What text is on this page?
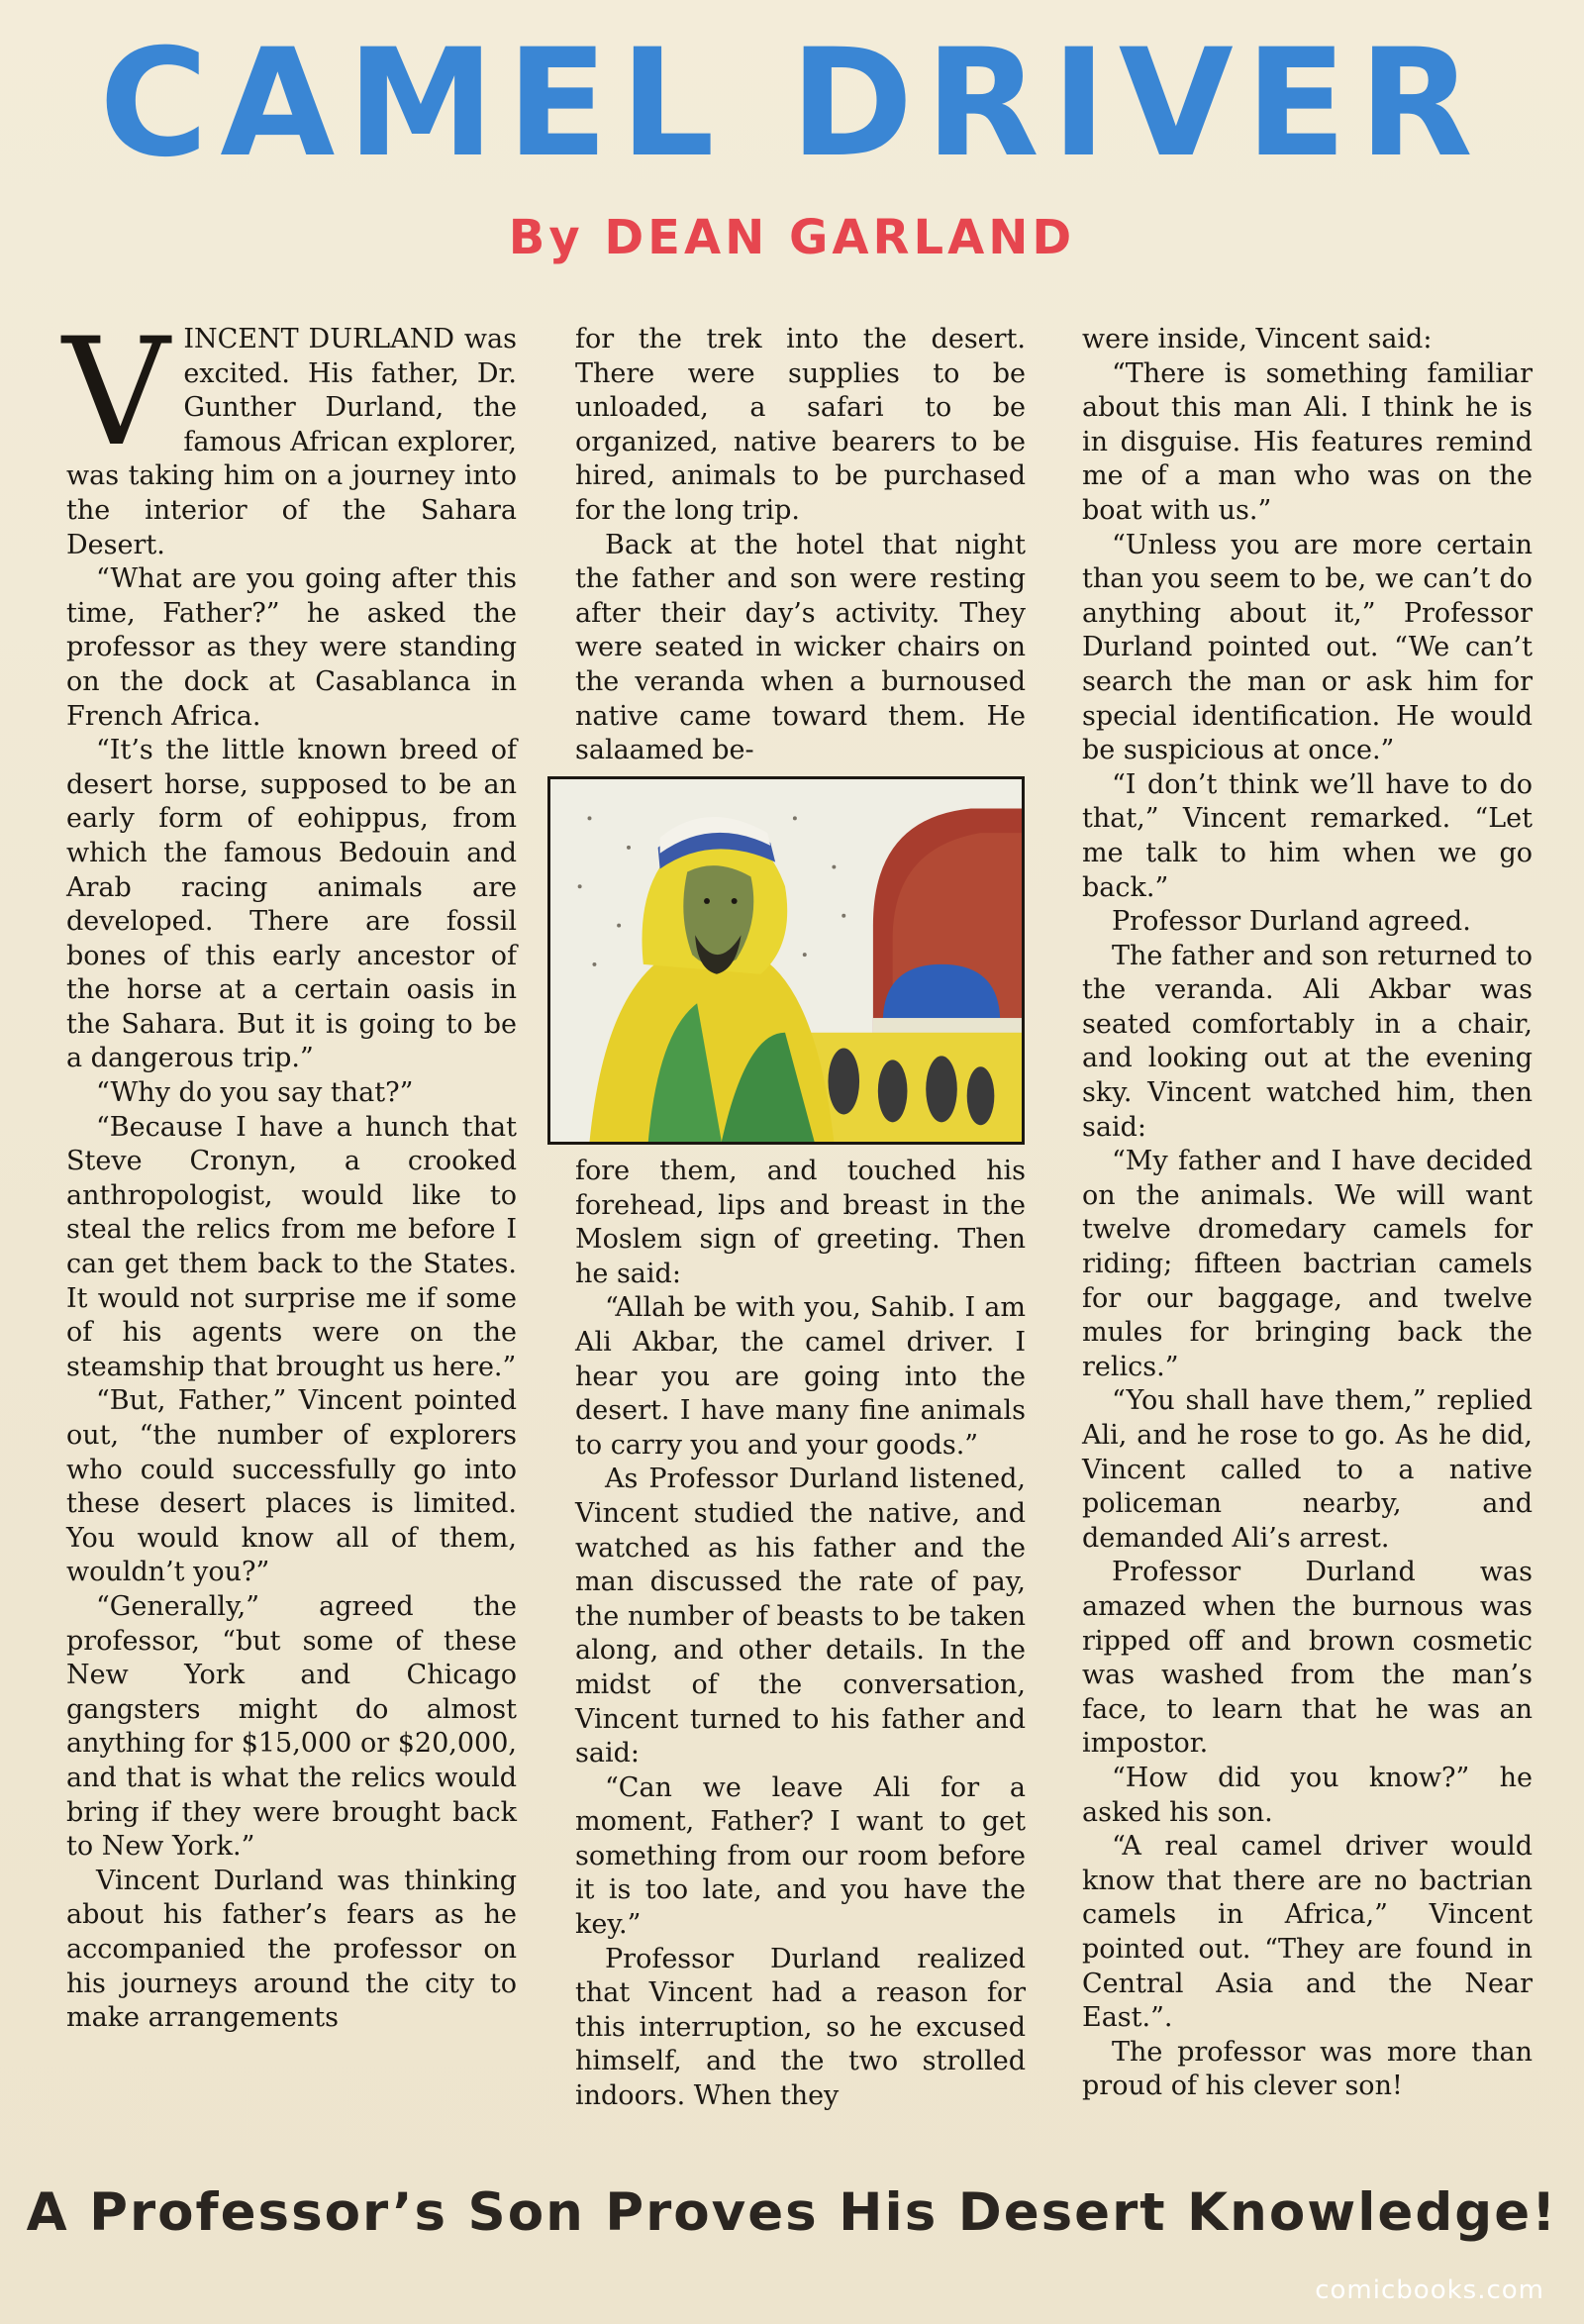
CAMEL DRIVER
By DEAN GARLAND

VINCENT DURLAND was excited. His father, Dr. Gunther Durland, the famous African explorer, was taking him on a journey into the interior of the Sahara Desert.

“What are you going after this time, Father?” he asked the professor as they were standing on the dock at Casablanca in French Africa.

“It’s the little known breed of desert horse, supposed to be an early form of eohippus, from which the famous Bedouin and Arab racing animals are developed. There are fossil bones of this early ancestor of the horse at a certain oasis in the Sahara. But it is going to be a dangerous trip.”

“Why do you say that?”

“Because I have a hunch that Steve Cronyn, a crooked anthropologist, would like to steal the relics from me before I can get them back to the States. It would not surprise me if some of his agents were on the steamship that brought us here.”

“But, Father,” Vincent pointed out, “the number of explorers who could successfully go into these desert places is limited. You would know all of them, wouldn’t you?”

“Generally,” agreed the professor, “but some of these New York and Chicago gangsters might do almost anything for $15,000 or $20,000, and that is what the relics would bring if they were brought back to New York.”

Vincent Durland was thinking about his father’s fears as he accompanied the professor on his journeys around the city to make arrangements

for the trek into the desert. There were supplies to be unloaded, a safari to be organized, native bearers to be hired, animals to be purchased for the long trip.

Back at the hotel that night the father and son were resting after their day’s activity. They were seated in wicker chairs on the veranda when a burnoused native came toward them. He salaamed be-

fore them, and touched his forehead, lips and breast in the Moslem sign of greeting. Then he said:

“Allah be with you, Sahib. I am Ali Akbar, the camel driver. I hear you are going into the desert. I have many fine animals to carry you and your goods.”

As Professor Durland listened, Vincent studied the native, and watched as his father and the man discussed the rate of pay, the number of beasts to be taken along, and other details. In the midst of the conversation, Vincent turned to his father and said:

“Can we leave Ali for a moment, Father? I want to get something from our room before it is too late, and you have the key.”

Professor Durland realized that Vincent had a reason for this interruption, so he excused himself, and the two strolled indoors. When they

were inside, Vincent said:

“There is something familiar about this man Ali. I think he is in disguise. His features remind me of a man who was on the boat with us.”

“Unless you are more certain than you seem to be, we can’t do anything about it,” Professor Durland pointed out. “We can’t search the man or ask him for special identification. He would be suspicious at once.”

“I don’t think we’ll have to do that,” Vincent remarked. “Let me talk to him when we go back.”

Professor Durland agreed.

The father and son returned to the veranda. Ali Akbar was seated comfortably in a chair, and looking out at the evening sky. Vincent watched him, then said:

“My father and I have decided on the animals. We will want twelve dromedary camels for riding; fifteen bactrian camels for our baggage, and twelve mules for bringing back the relics.”

“You shall have them,” replied Ali, and he rose to go. As he did, Vincent called to a native policeman nearby, and demanded Ali’s arrest.

Professor Durland was amazed when the burnous was ripped off and brown cosmetic was washed from the man’s face, to learn that he was an impostor.

“How did you know?” he asked his son.

“A real camel driver would know that there are no bactrian camels in Africa,” Vincent pointed out. “They are found in Central Asia and the Near East.”.

The professor was more than proud of his clever son!

A Professor’s Son Proves His Desert Knowledge!
comicbooks.com
